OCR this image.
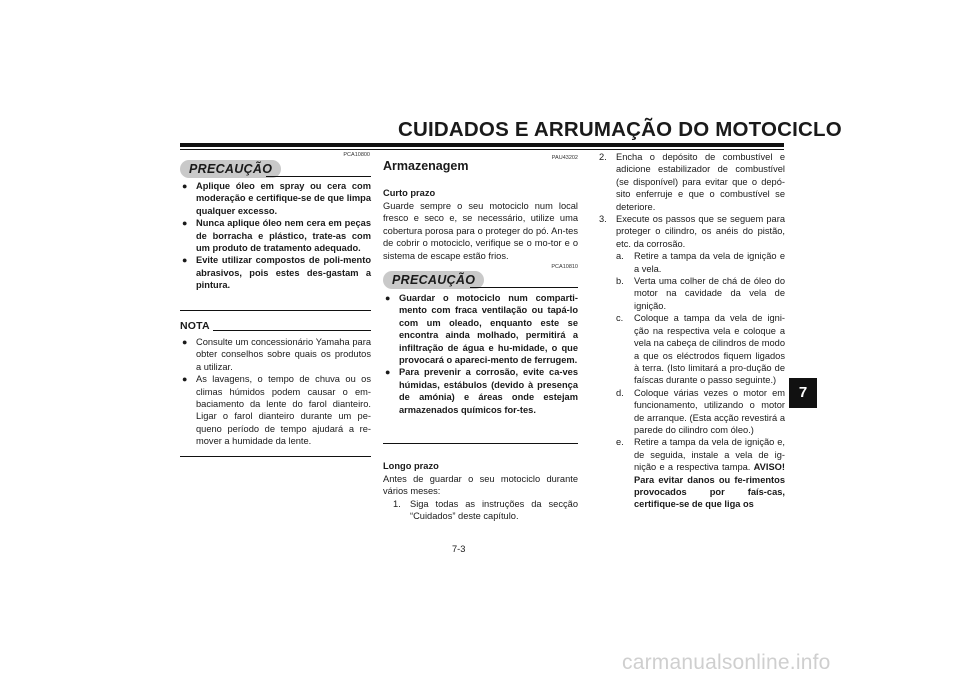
CUIDADOS E ARRUMAÇÃO DO MOTOCICLO
PCA10800
PRECAUÇÃO
● Aplique óleo em spray ou cera com moderação e certifique-se de que limpa qualquer excesso.
● Nunca aplique óleo nem cera em peças de borracha e plástico, trate-as com um produto de tratamento adequado.
● Evite utilizar compostos de poli-mento abrasivos, pois estes des-gastam a pintura.
NOTA
● Consulte um concessionário Yamaha para obter conselhos sobre quais os produtos a utilizar.
● As lavagens, o tempo de chuva ou os climas húmidos podem causar o em-baciamento da lente do farol dianteiro. Ligar o farol dianteiro durante um pe-queno período de tempo ajudará a re-mover a humidade da lente.
PAU43202
Armazenagem
Curto prazo
Guarde sempre o seu motociclo num local fresco e seco e, se necessário, utilize uma cobertura porosa para o proteger do pó. An-tes de cobrir o motociclo, verifique se o mo-tor e o sistema de escape estão frios.
PCA10810
PRECAUÇÃO
● Guardar o motociclo num comparti-mento com fraca ventilação ou tapá-lo com um oleado, enquanto este se encontra ainda molhado, permitirá a infiltração de água e hu-midade, o que provocará o apareci-mento de ferrugem.
● Para prevenir a corrosão, evite ca-ves húmidas, estábulos (devido à presença de amónia) e áreas onde estejam armazenados químicos for-tes.
Longo prazo
Antes de guardar o seu motociclo durante vários meses:
1. Siga todas as instruções da secção “Cuidados” deste capítulo.
2. Encha o depósito de combustível e adicione estabilizador de combustível (se disponível) para evitar que o depó-sito enferruje e que o combustível se deteriore.
3. Execute os passos que se seguem para proteger o cilindro, os anéis do pistão, etc. da corrosão.
a. Retire a tampa da vela de ignição e a vela.
b. Verta uma colher de chá de óleo do motor na cavidade da vela de ignição.
c. Coloque a tampa da vela de igni-ção na respectiva vela e coloque a vela na cabeça de cilindros de modo a que os eléctrodos fiquem ligados à terra. (Isto limitará a pro-dução de faíscas durante o passo seguinte.)
d. Coloque várias vezes o motor em funcionamento, utilizando o motor de arranque. (Esta acção revestirá a parede do cilindro com óleo.)
e. Retire a tampa da vela de ignição e, de seguida, instale a vela de ig-nição e a respectiva tampa. AVISO! Para evitar danos ou fe-rimentos provocados por faís-cas, certifique-se de que liga os
7
7-3
carmanualsonline.info
